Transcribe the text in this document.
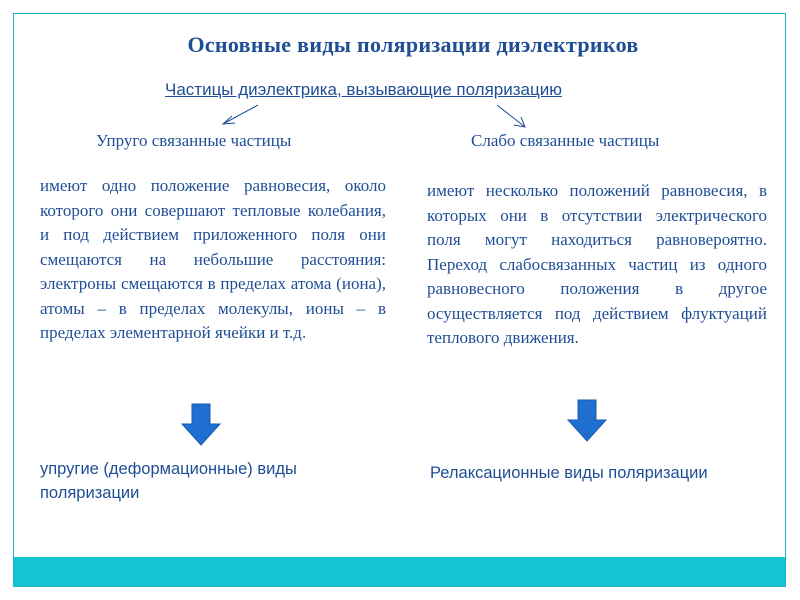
Основные виды поляризации диэлектриков
Частицы диэлектрика, вызывающие поляризацию
Упруго связанные частицы	Слабо связанные частицы

имеют одно положение равновесия, около которого они совершают тепловые колебания, и под действием приложенного поля они смещаются на небольшие расстояния: электроны смещаются в пределах атома (иона), атомы – в пределах молекулы, ионы – в пределах элементарной ячейки и т.д.

имеют несколько положений равновесия, в которых они в отсутствии электрического поля могут находиться равновероятно. Переход слабосвязанных частиц из одного равновесного положения в другое осуществляется под действием флуктуаций теплового движения.

упругие (деформационные) виды поляризации

Релаксационные виды поляризации
